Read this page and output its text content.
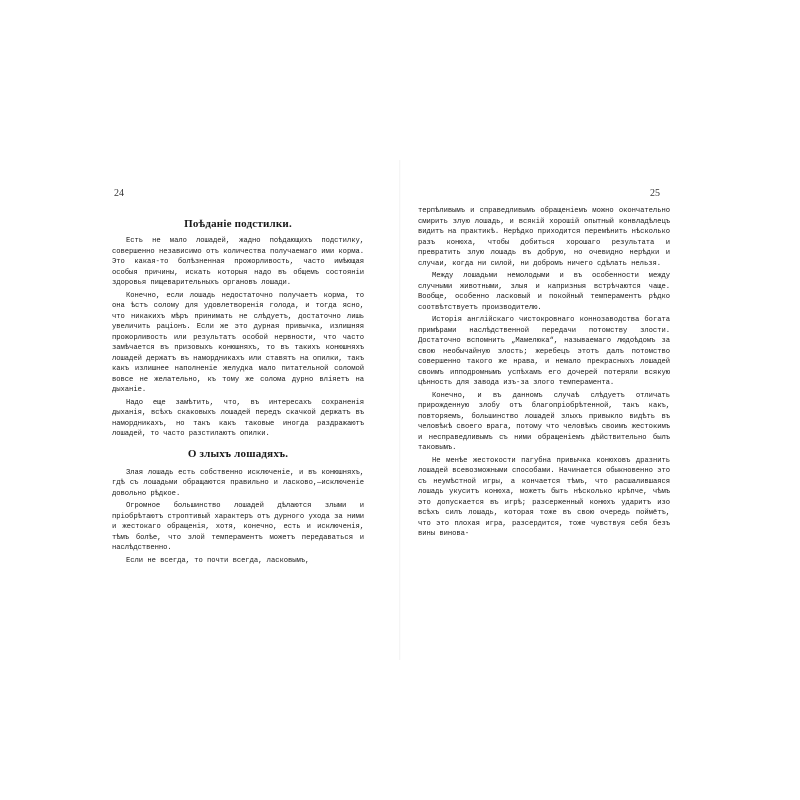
24	25
Поѣданіе подстилки.

Есть не мало лошадей, жадно поѣдающихъ подстилку, совершенно независимо отъ количества получаемаго ими корма. Это какая-то болѣзненная прожорливость, часто имѣющая особыя причины, искать которыя надо въ общемъ состояніи здоровья пищеварительныхъ органовъ лошади.

Конечно, если лошадь недостаточно получаетъ корма, то она ѣстъ солому для удовлетворенія голода, и тогда ясно, что никакихъ мѣръ принимать не слѣдуетъ, достаточно лишь увеличить раціонъ. Если же это дурная привычка, излишняя прожорливость или результатъ особой нервности, что часто замѣчается въ призовыхъ конюшняхъ, то въ такихъ конюшняхъ лошадей держатъ въ намордникахъ или ставятъ на опилки, такъ какъ излишнее наполненіе желудка мало питательной соломой вовсе не желательно, къ тому же солома дурно вліяетъ на дыханіе.

Надо еще замѣтить, что, въ интересахъ сохраненія дыханія, всѣхъ скаковыхъ лошадей передъ скачкой держатъ въ намордникахъ, но такъ какъ таковые иногда раздражаютъ лошадей, то часто разстилаютъ опилки.

О злыхъ лошадяхъ.

Злая лошадь есть собственно исключеніе, и въ конюшняхъ, гдѣ съ лошадьми обращаются правильно и ласково,—исключеніе довольно рѣдкое.

Огромное большинство лошадей дѣлаются злыми и пріобрѣтаютъ строптивый характеръ отъ дурного ухода за ними и жестокаго обращенія, хотя, конечно, есть и исключенія, тѣмъ болѣе, что злой темпераментъ можетъ передаваться и наслѣдственно.

Если не всегда, то почти всегда, ласковымъ,

терпѣливымъ и справедливымъ обращеніемъ можно окончательно смирить злую лошадь, и всякій хорошій опытный конвладѣлецъ видитъ на практикѣ. Нерѣдко приходится перемѣнить нѣсколько разъ конюха, чтобы добиться хорошаго результата и превратить злую лошадь въ добрую, но очевидно нерѣдки и случаи, когда ни силой, ни добромъ ничего сдѣлать нельзя.

Между лошадьми немолодыми и въ особенности между случными животными, злыя и капризныя встрѣчаются чаще. Вообще, особенно ласковый и покойный темпераментъ рѣдко соотвѣтствуетъ производителю.

Исторія англійскаго чистокровнаго коннозаводства богата примѣрами наслѣдственной передачи потомству злости. Достаточно вспомнить „Мамелюка“, называемаго людоѣдомъ за свою необычайную злость; жеребецъ этотъ далъ потомство совершенно такого же нрава, и немало прекрасныхъ лошадей своимъ ипподромнымъ успѣхамъ его дочерей потеряли всякую цѣнность для завода изъ-за злого темперамента.

Конечно, и въ данномъ случаѣ слѣдуетъ отличать прирожденную злобу отъ благопріобрѣтенной, такъ какъ, повторяемъ, большинство лошадей злыхъ привыкло видѣть въ человѣкѣ своего врага, потому что человѣкъ своимъ жестокимъ и несправедливымъ съ ними обращеніемъ дѣйствительно былъ таковымъ.

Не менѣе жестокости пагубна привычка конюховъ дразнить лошадей всевозможными способами. Начинается обыкновенно это съ неумѣстной игры, а кончается тѣмъ, что расшалившаяся лошадь укуситъ конюха, можетъ быть нѣсколько крѣпче, чѣмъ это допускается въ игрѣ; разсерженный конюхъ ударитъ изо всѣхъ силъ лошадь, которая тоже въ свою очередь поймётъ, что это плохая игра, разсердится, тоже чувствуя себя безъ вины виновa-
